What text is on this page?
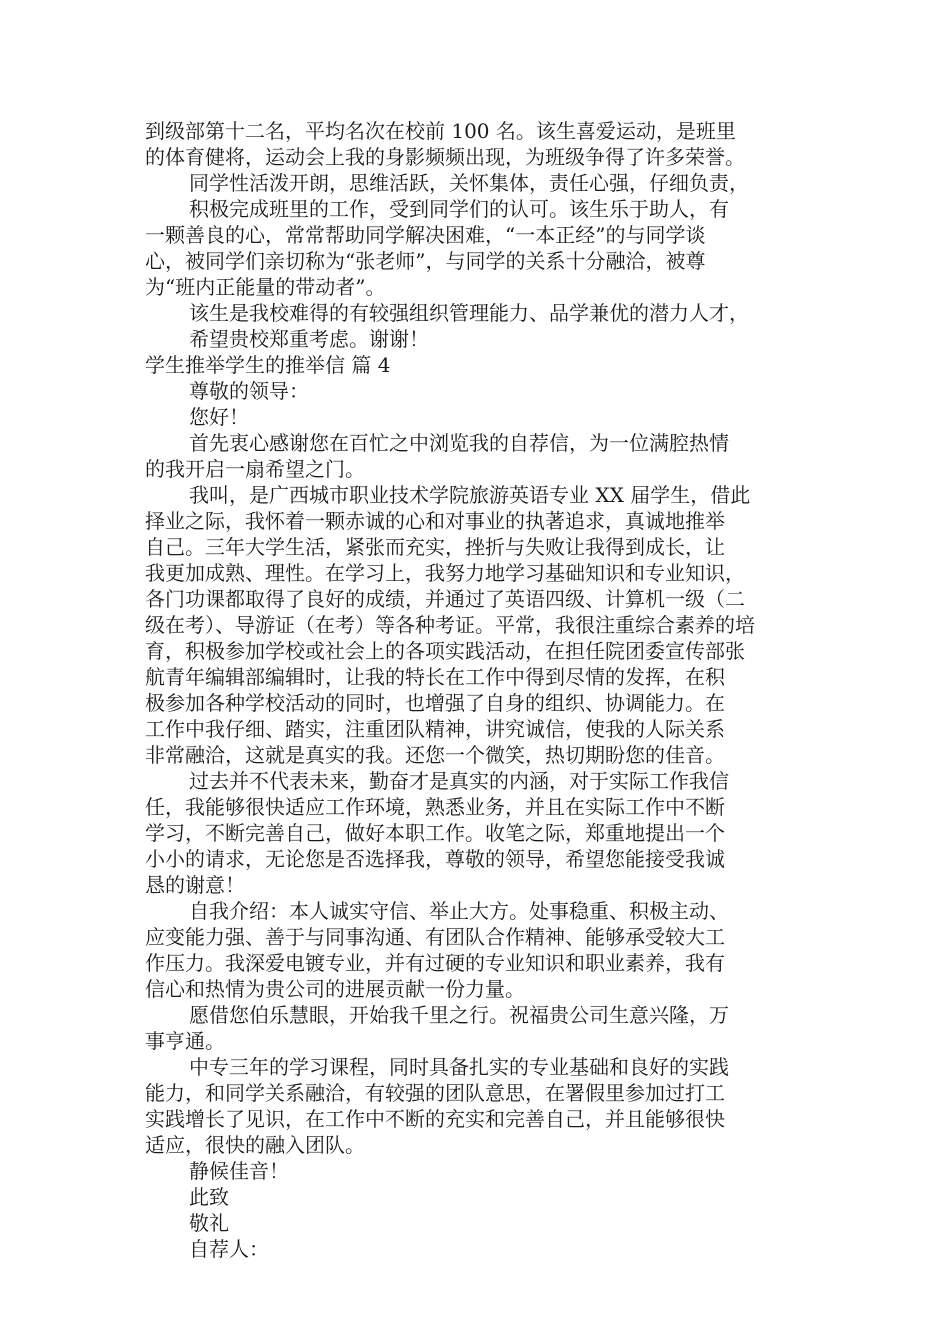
到级部第十二名，平均名次在校前 100 名。该生喜爱运动，是班里
的体育健将，运动会上我的身影频频出现，为班级争得了许多荣誉。
同学性活泼开朗，思维活跃，关怀集体，责任心强，仔细负责，
积极完成班里的工作，受到同学们的认可。该生乐于助人，有
一颗善良的心，常常帮助同学解决困难，“一本正经”的与同学谈
心，被同学们亲切称为“张老师”，与同学的关系十分融洽，被尊
为“班内正能量的带动者”。
该生是我校难得的有较强组织管理能力、品学兼优的潜力人才，
希望贵校郑重考虑。谢谢！
学生推举学生的推举信 篇 4
尊敬的领导：
您好！
首先衷心感谢您在百忙之中浏览我的自荐信，为一位满腔热情
的我开启一扇希望之门。
我叫，是广西城市职业技术学院旅游英语专业 XX 届学生，借此
择业之际，我怀着一颗赤诚的心和对事业的执著追求，真诚地推举
自己。三年大学生活，紧张而充实，挫折与失败让我得到成长，让
我更加成熟、理性。在学习上，我努力地学习基础知识和专业知识，
各门功课都取得了良好的成绩，并通过了英语四级、计算机一级（二
级在考）、导游证（在考）等各种考证。平常，我很注重综合素养的培
育，积极参加学校或社会上的各项实践活动，在担任院团委宣传部张
航青年编辑部编辑时，让我的特长在工作中得到尽情的发挥，在积
极参加各种学校活动的同时，也增强了自身的组织、协调能力。在
工作中我仔细、踏实，注重团队精神，讲究诚信，使我的人际关系
非常融洽，这就是真实的我。还您一个微笑，热切期盼您的佳音。
过去并不代表未来，勤奋才是真实的内涵，对于实际工作我信
任，我能够很快适应工作环境，熟悉业务，并且在实际工作中不断
学习，不断完善自己，做好本职工作。收笔之际，郑重地提出一个
小小的请求，无论您是否选择我，尊敬的领导，希望您能接受我诚
恳的谢意！
自我介绍：本人诚实守信、举止大方。处事稳重、积极主动、
应变能力强、善于与同事沟通、有团队合作精神、能够承受较大工
作压力。我深爱电镀专业，并有过硬的专业知识和职业素养，我有
信心和热情为贵公司的进展贡献一份力量。
愿借您伯乐慧眼，开始我千里之行。祝福贵公司生意兴隆，万
事亨通。
中专三年的学习课程，同时具备扎实的专业基础和良好的实践
能力，和同学关系融洽，有较强的团队意思，在署假里参加过打工
实践增长了见识，在工作中不断的充实和完善自己，并且能够很快
适应，很快的融入团队。
静候佳音！
此致
敬礼
自荐人：
